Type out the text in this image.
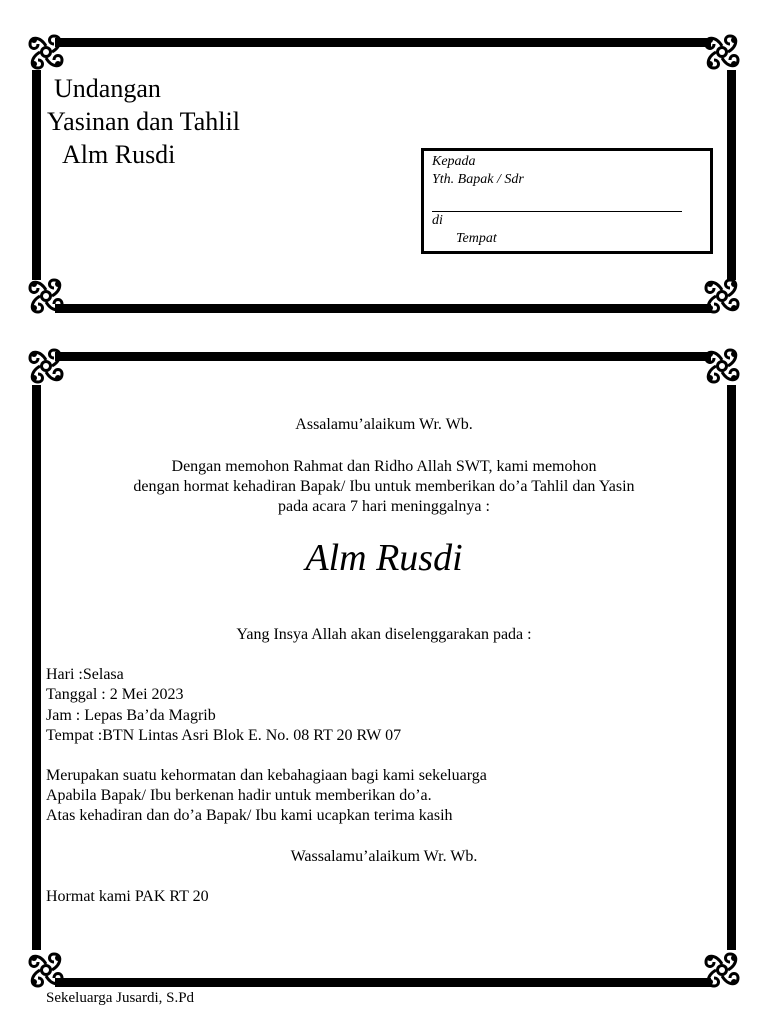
Undangan
Yasinan dan Tahlil
Alm Rusdi	Kepada
Yth. Bapak / Sdr
di
Tempat
Assalamu’alaikum Wr. Wb.
Dengan memohon Rahmat dan Ridho Allah SWT, kami memohon
dengan hormat kehadiran Bapak/ Ibu untuk memberikan do’a Tahlil dan Yasin
pada acara 7 hari meninggalnya :
Alm Rusdi
Yang Insya Allah akan diselenggarakan pada :
Hari :Selasa
Tanggal : 2 Mei 2023
Jam : Lepas Ba’da Magrib
Tempat :BTN Lintas Asri Blok E. No. 08 RT 20 RW 07
Merupakan suatu kehormatan dan kebahagiaan bagi kami sekeluarga
Apabila Bapak/ Ibu berkenan hadir untuk memberikan do’a.
Atas kehadiran dan do’a Bapak/ Ibu kami ucapkan terima kasih
Wassalamu’alaikum Wr. Wb.
Hormat kami PAK RT 20
Sekeluarga Jusardi, S.Pd
